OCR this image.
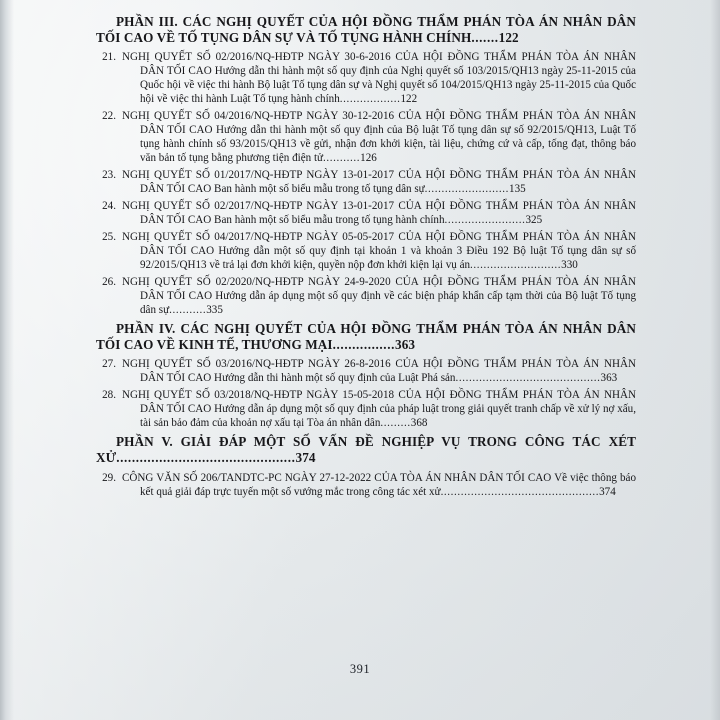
PHẦN III. CÁC NGHỊ QUYẾT CỦA HỘI ĐỒNG THẨM PHÁN TÒA ÁN NHÂN DÂN TỐI CAO VỀ TỐ TỤNG DÂN SỰ VÀ TỐ TỤNG HÀNH CHÍNH.......122

21. NGHỊ QUYẾT SỐ 02/2016/NQ-HĐTP NGÀY 30-6-2016 CỦA HỘI ĐỒNG THẨM PHÁN TÒA ÁN NHÂN DÂN TỐI CAO Hướng dẫn thi hành một số quy định của Nghị quyết số 103/2015/QH13 ngày 25-11-2015 của Quốc hội về việc thi hành Bộ luật Tố tụng dân sự và Nghị quyết số 104/2015/QH13 ngày 25-11-2015 của Quốc hội về việc thi hành Luật Tố tụng hành chính..................122
22. NGHỊ QUYẾT SỐ 04/2016/NQ-HĐTP NGÀY 30-12-2016 CỦA HỘI ĐỒNG THẨM PHÁN TÒA ÁN NHÂN DÂN TỐI CAO Hướng dẫn thi hành một số quy định của Bộ luật Tố tụng dân sự số 92/2015/QH13, Luật Tố tụng hành chính số 93/2015/QH13 về gửi, nhận đơn khởi kiện, tài liệu, chứng cứ và cấp, tống đạt, thông báo văn bản tố tụng bằng phương tiện điện tử...........126
23. NGHỊ QUYẾT SỐ 01/2017/NQ-HĐTP NGÀY 13-01-2017 CỦA HỘI ĐỒNG THẨM PHÁN TÒA ÁN NHÂN DÂN TỐI CAO Ban hành một số biểu mẫu trong tố tụng dân sự.........................135
24. NGHỊ QUYẾT SỐ 02/2017/NQ-HĐTP NGÀY 13-01-2017 CỦA HỘI ĐỒNG THẨM PHÁN TÒA ÁN NHÂN DÂN TỐI CAO Ban hành một số biểu mẫu trong tố tụng hành chính........................325
25. NGHỊ QUYẾT SỐ 04/2017/NQ-HĐTP NGÀY 05-05-2017 CỦA HỘI ĐỒNG THẨM PHÁN TÒA ÁN NHÂN DÂN TỐI CAO Hướng dẫn một số quy định tại khoản 1 và khoản 3 Điều 192 Bộ luật Tố tụng dân sự số 92/2015/QH13 về trả lại đơn khởi kiện, quyền nộp đơn khởi kiện lại vụ án...........................330
26. NGHỊ QUYẾT SỐ 02/2020/NQ-HĐTP NGÀY 24-9-2020 CỦA HỘI ĐỒNG THẨM PHÁN TÒA ÁN NHÂN DÂN TỐI CAO Hướng dẫn áp dụng một số quy định về các biện pháp khẩn cấp tạm thời của Bộ luật Tố tụng dân sự...........335

PHẦN IV. CÁC NGHỊ QUYẾT CỦA HỘI ĐỒNG THẨM PHÁN TÒA ÁN NHÂN DÂN TỐI CAO VỀ KINH TẾ, THƯƠNG MẠI................363

27. NGHỊ QUYẾT SỐ 03/2016/NQ-HĐTP NGÀY 26-8-2016 CỦA HỘI ĐỒNG THẨM PHÁN TÒA ÁN NHÂN DÂN TỐI CAO Hướng dẫn thi hành một số quy định của Luật Phá sản...........................................363
28. NGHỊ QUYẾT SỐ 03/2018/NQ-HĐTP NGÀY 15-05-2018 CỦA HỘI ĐỒNG THẨM PHÁN TÒA ÁN NHÂN DÂN TỐI CAO Hướng dẫn áp dụng một số quy định của pháp luật trong giải quyết tranh chấp về xử lý nợ xấu, tài sản bảo đảm của khoản nợ xấu tại Tòa án nhân dân.........368

PHẦN V. GIẢI ĐÁP MỘT SỐ VẤN ĐỀ NGHIỆP VỤ TRONG CÔNG TÁC XÉT XỬ..............................................374

29. CÔNG VĂN SỐ 206/TANDTC-PC NGÀY 27-12-2022 CỦA TÒA ÁN NHÂN DÂN TỐI CAO Về việc thông báo kết quả giải đáp trực tuyến một số vướng mắc trong công tác xét xử...............................................374
391
